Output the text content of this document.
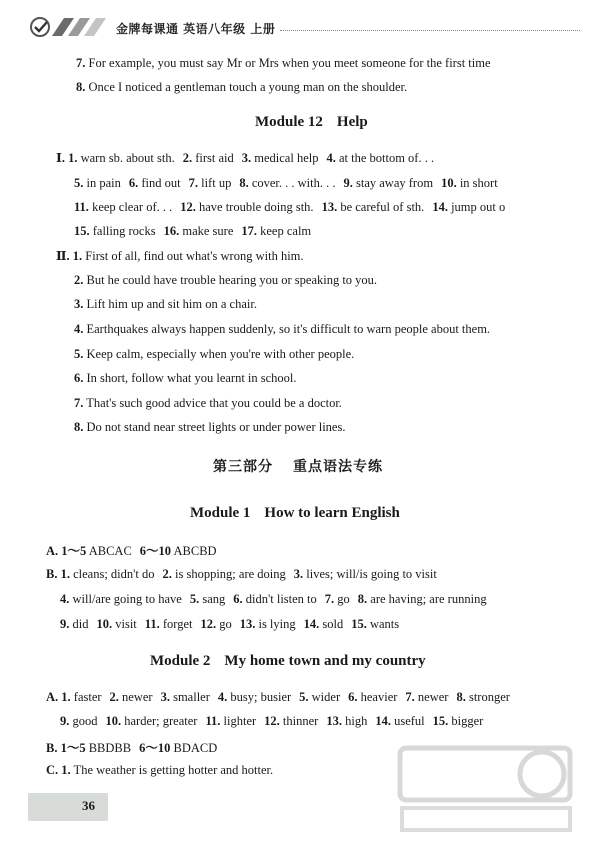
金牌每课通 英语八年级 上册
7. For example, you must say Mr or Mrs when you meet someone for the first time
8. Once I noticed a gentleman touch a young man on the shoulder.
Ⅰ. 1. warn sb. about sth. 2. first aid 3. medical help 4. at the bottom of. . .
5. in pain 6. find out 7. lift up 8. cover. . . with. . . 9. stay away from 10. in short
11. keep clear of. . . 12. have trouble doing sth. 13. be careful of sth. 14. jump out o
15. falling rocks 16. make sure 17. keep calm
Ⅱ. 1. First of all, find out what's wrong with him.
2. But he could have trouble hearing you or speaking to you.
3. Lift him up and sit him on a chair.
4. Earthquakes always happen suddenly, so it's difficult to warn people about them.
5. Keep calm, especially when you're with other people.
6. In short, follow what you learnt in school.
7. That's such good advice that you could be a doctor.
8. Do not stand near street lights or under power lines.
A. 1～5 ABCAC 6～10 ABCBD
B. 1. cleans; didn't do 2. is shopping; are doing 3. lives; will/is going to visit
4. will/are going to have 5. sang 6. didn't listen to 7. go 8. are having; are running
9. did 10. visit 11. forget 12. go 13. is lying 14. sold 15. wants
A. 1. faster 2. newer 3. smaller 4. busy; busier 5. wider 6. heavier 7. newer 8. stronger
9. good 10. harder; greater 11. lighter 12. thinner 13. high 14. useful 15. bigger
B. 1～5 BBDBB 6～10 BDACD
C. 1. The weather is getting hotter and hotter.
Module 12 Help
第三部分 重点语法专练
Module 1 How to learn English
Module 2 My home town and my country
36
